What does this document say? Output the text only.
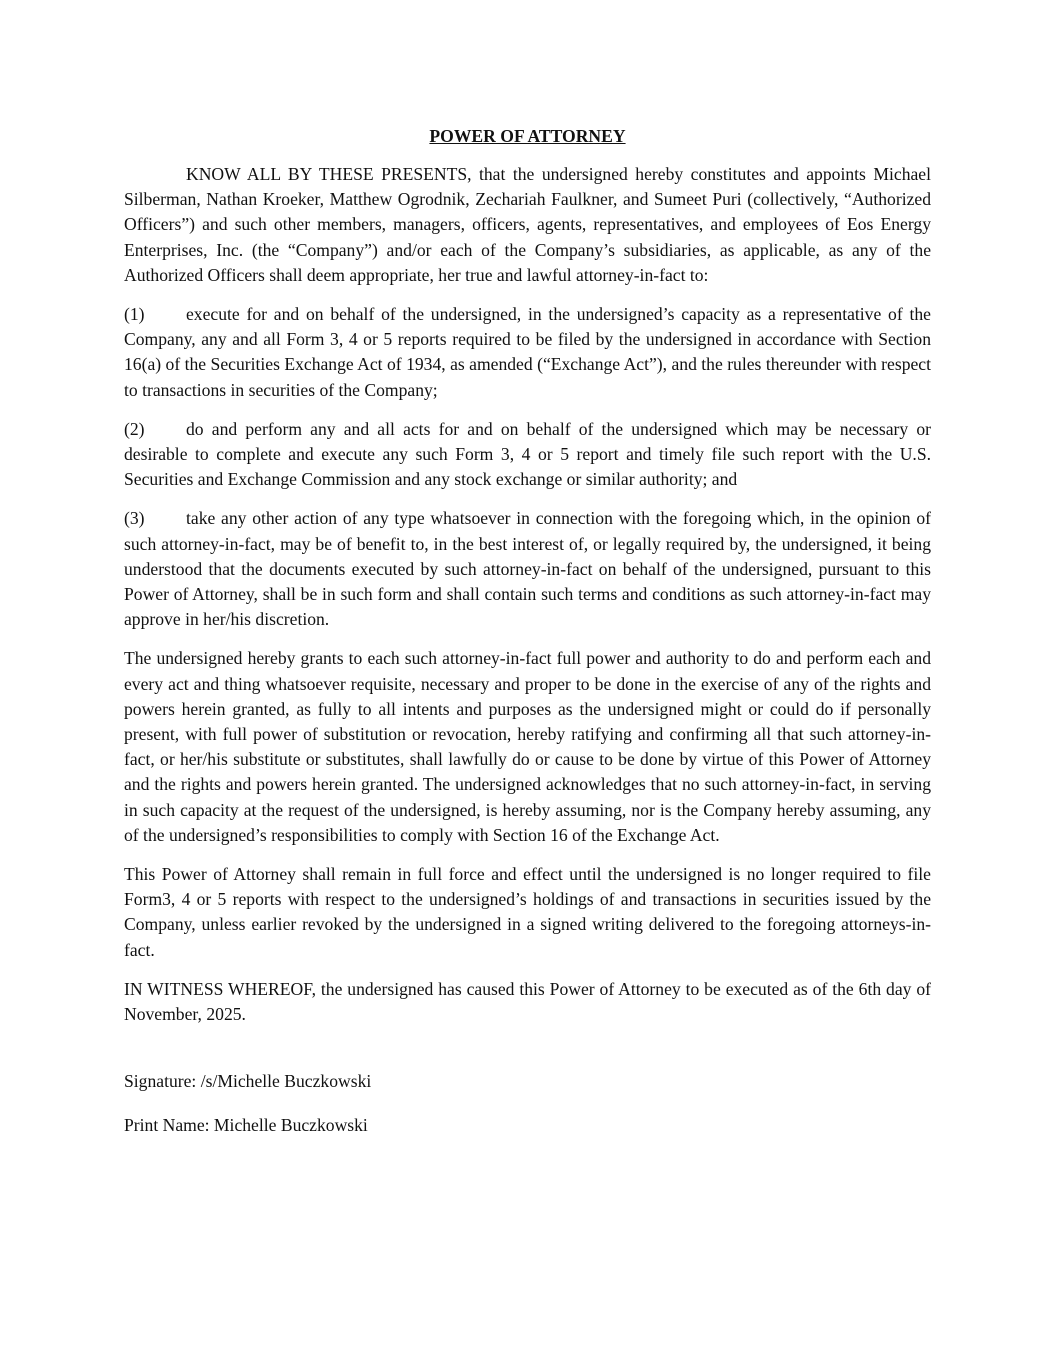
POWER OF ATTORNEY

KNOW ALL BY THESE PRESENTS, that the undersigned hereby constitutes and appoints Michael Silberman, Nathan Kroeker, Matthew Ogrodnik, Zechariah Faulkner, and Sumeet Puri (collectively, “Authorized Officers”) and such other members, managers, officers, agents, representatives, and employees of Eos Energy Enterprises, Inc. (the “Company”) and/or each of the Company’s subsidiaries, as applicable, as any of the Authorized Officers shall deem appropriate, her true and lawful attorney-in-fact to:

(1) execute for and on behalf of the undersigned, in the undersigned’s capacity as a representative of the Company, any and all Form 3, 4 or 5 reports required to be filed by the undersigned in accordance with Section 16(a) of the Securities Exchange Act of 1934, as amended (“Exchange Act”), and the rules thereunder with respect to transactions in securities of the Company;

(2) do and perform any and all acts for and on behalf of the undersigned which may be necessary or desirable to complete and execute any such Form 3, 4 or 5 report and timely file such report with the U.S. Securities and Exchange Commission and any stock exchange or similar authority; and

(3) take any other action of any type whatsoever in connection with the foregoing which, in the opinion of such attorney-in-fact, may be of benefit to, in the best interest of, or legally required by, the undersigned, it being understood that the documents executed by such attorney-in-fact on behalf of the undersigned, pursuant to this Power of Attorney, shall be in such form and shall contain such terms and conditions as such attorney-in-fact may approve in her/his discretion.

The undersigned hereby grants to each such attorney-in-fact full power and authority to do and perform each and every act and thing whatsoever requisite, necessary and proper to be done in the exercise of any of the rights and powers herein granted, as fully to all intents and purposes as the undersigned might or could do if personally present, with full power of substitution or revocation, hereby ratifying and confirming all that such attorney-in-fact, or her/his substitute or substitutes, shall lawfully do or cause to be done by virtue of this Power of Attorney and the rights and powers herein granted. The undersigned acknowledges that no such attorney-in-fact, in serving in such capacity at the request of the undersigned, is hereby assuming, nor is the Company hereby assuming, any of the undersigned’s responsibilities to comply with Section 16 of the Exchange Act.

This Power of Attorney shall remain in full force and effect until the undersigned is no longer required to file Form3, 4 or 5 reports with respect to the undersigned’s holdings of and transactions in securities issued by the Company, unless earlier revoked by the undersigned in a signed writing delivered to the foregoing attorneys-in-fact.

IN WITNESS WHEREOF, the undersigned has caused this Power of Attorney to be executed as of the 6th day of November, 2025.

Signature: /s/Michelle Buczkowski

Print Name: Michelle Buczkowski
